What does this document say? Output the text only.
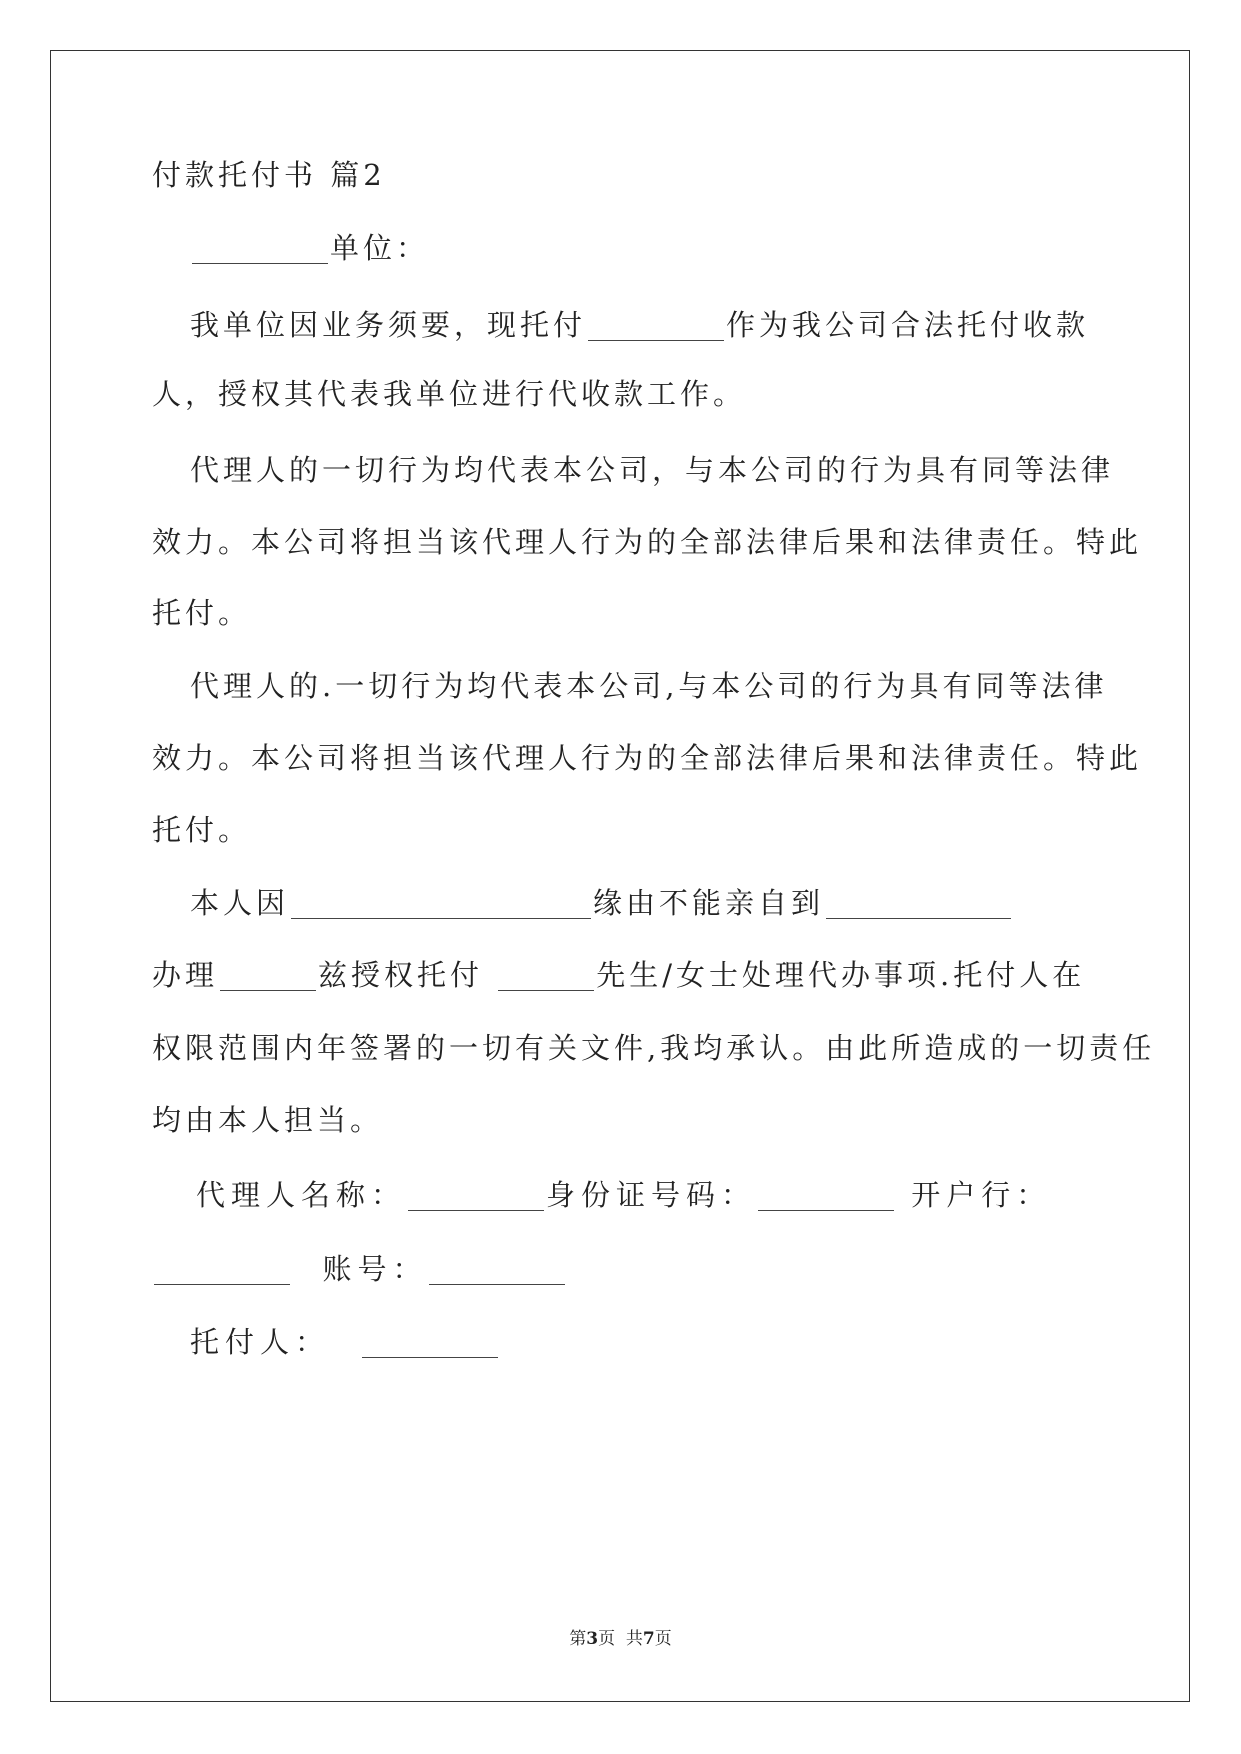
付款托付书 篇2
单位：
我单位因业务须要，现托付	作为我公司合法托付收款
人，授权其代表我单位进行代收款工作。
代理人的一切行为均代表本公司，与本公司的行为具有同等法律
效力。本公司将担当该代理人行为的全部法律后果和法律责任。特此
托付。
代理人的.一切行为均代表本公司,与本公司的行为具有同等法律
效力。本公司将担当该代理人行为的全部法律后果和法律责任。特此
托付。
本人因	缘由不能亲自到
办理	兹授权托付	先生/女士处理代办事项.托付人在
权限范围内年签署的一切有关文件,我均承认。由此所造成的一切责任
均由本人担当。
代理人名称：	身份证号码：	开户行：
账号：
托付人：
第3页  共7页
